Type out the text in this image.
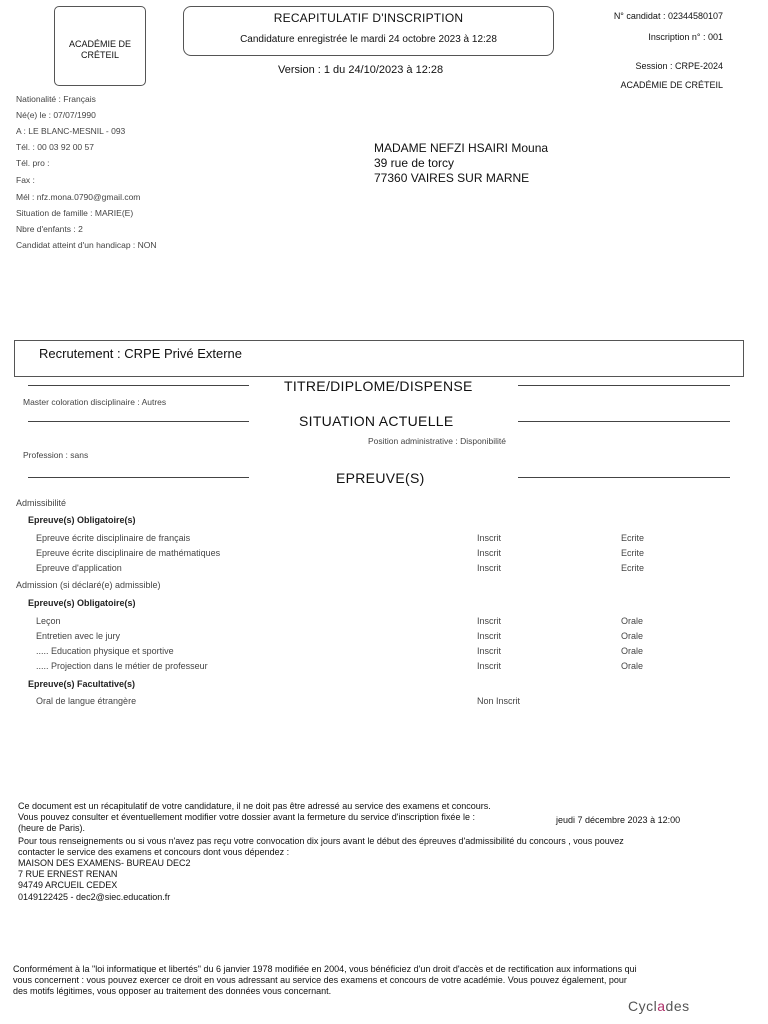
ACADÉMIE DE
CRÉTEIL
RECAPITULATIF D'INSCRIPTION
Candidature enregistrée le mardi 24 octobre 2023 à 12:28
Version : 1 du 24/10/2023 à 12:28
N° candidat : 02344580107
Inscription n° : 001
Session : CRPE-2024
ACADÉMIE DE CRÉTEIL
Nationalité : Français
Né(e) le : 07/07/1990
A : LE BLANC-MESNIL - 093
Tél. : 00 03 92 00 57
Tél. pro :
Fax :
Mél : nfz.mona.0790@gmail.com
Situation de famille : MARIE(E)
Nbre d'enfants : 2
Candidat atteint d'un handicap : NON
MADAME NEFZI HSAIRI Mouna
39 rue de torcy
77360 VAIRES SUR MARNE
Recrutement : CRPE Privé Externe
TITRE/DIPLOME/DISPENSE
Master coloration disciplinaire : Autres
SITUATION ACTUELLE
Position administrative : Disponibilité
Profession : sans
EPREUVE(S)
Admissibilité
Epreuve(s) Obligatoire(s)
Epreuve écrite disciplinaire de français	Inscrit	Ecrite
Epreuve écrite disciplinaire de mathématiques	Inscrit	Ecrite
Epreuve d'application	Inscrit	Ecrite
Admission (si déclaré(e) admissible)
Epreuve(s) Obligatoire(s)
Leçon	Inscrit	Orale
Entretien avec le jury	Inscrit	Orale
..... Education physique et sportive	Inscrit	Orale
..... Projection dans le métier de professeur	Inscrit	Orale
Epreuve(s) Facultative(s)
Oral de langue étrangère	Non Inscrit
Ce document est un récapitulatif de votre candidature, il ne doit pas être adressé au service des examens et concours.
Vous pouvez consulter et éventuellement modifier votre dossier avant la fermeture du service d'inscription fixée le :	jeudi 7 décembre 2023 à 12:00
(heure de Paris).
Pour tous renseignements ou si vous n'avez pas reçu votre convocation dix jours avant le début des épreuves d'admissibilité du concours , vous pouvez
contacter le service des examens et concours dont vous dépendez :
MAISON DES EXAMENS- BUREAU DEC2
7 RUE ERNEST RENAN
94749 ARCUEIL CEDEX
0149122425 - dec2@siec.education.fr
Conformément à la "loi informatique et libertés" du 6 janvier 1978 modifiée en 2004, vous bénéficiez d'un droit d'accès et de rectification aux informations qui
vous concernent : vous pouvez exercer ce droit en vous adressant au service des examens et concours de votre académie. Vous pouvez également, pour
des motifs légitimes, vous opposer au traitement des données vous concernant.
Cyclades
